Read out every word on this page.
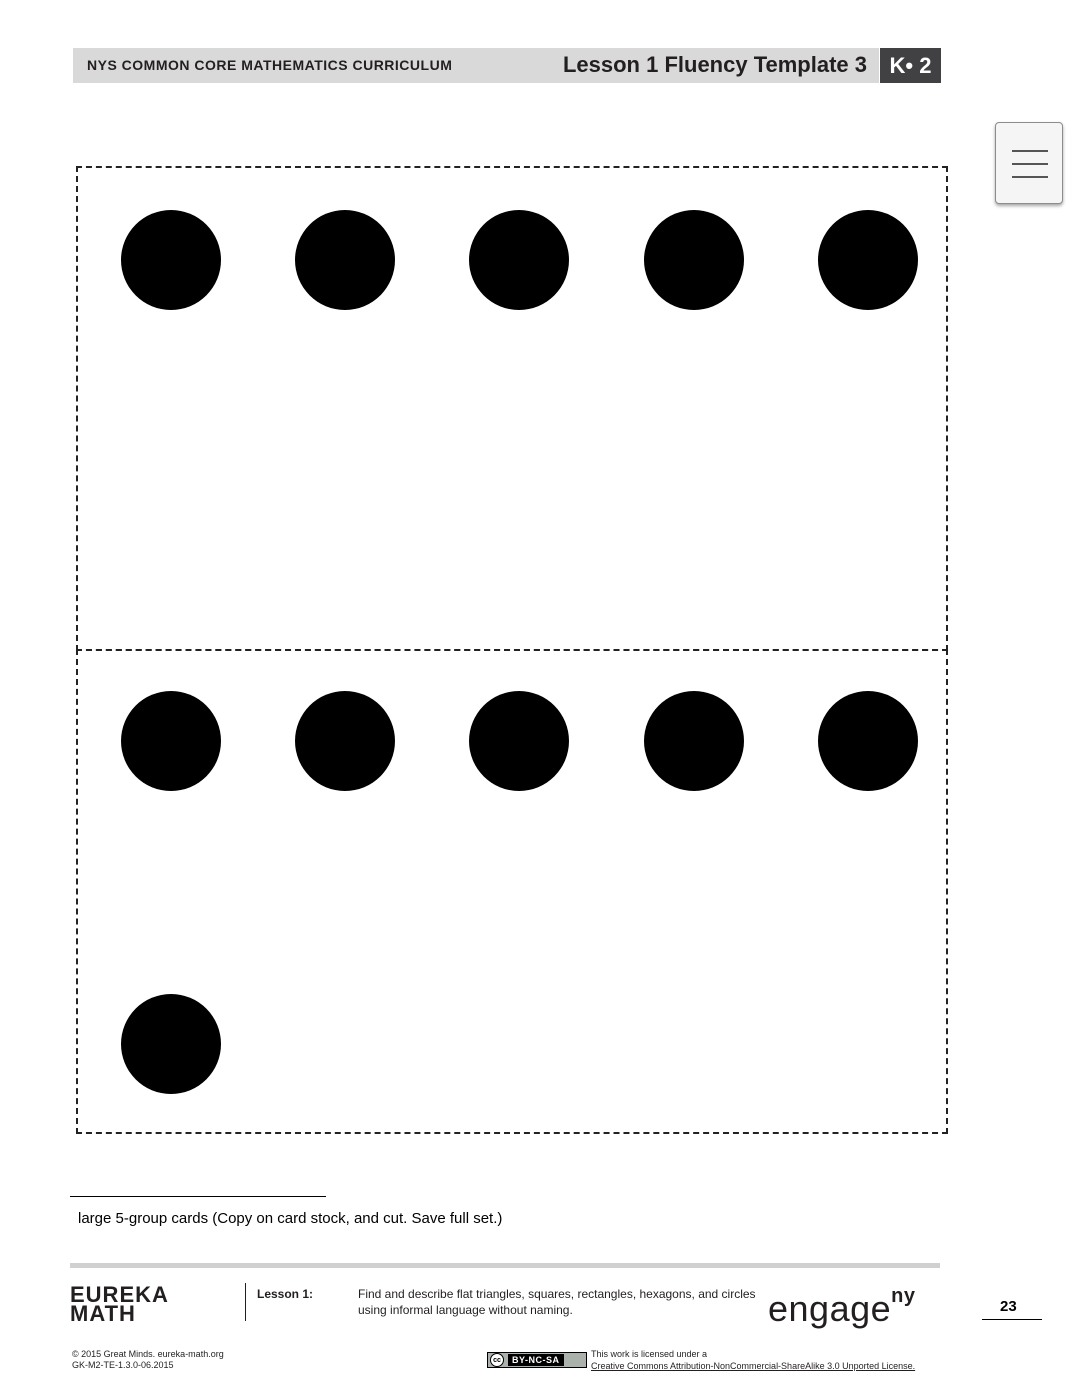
NYS COMMON CORE MATHEMATICS CURRICULUM	Lesson 1 Fluency Template 3	K• 2
large 5-group cards (Copy on card stock, and cut. Save full set.)
EUREKA
MATH
Lesson 1:	Find and describe flat triangles, squares, rectangles, hexagons, and circles using informal language without naming.	engage$^{ny}$	23
© 2015 Great Minds. eureka-math.org
GK-M2-TE-1.3.0-06.2015	cc	BY-NC-SA
This work is licensed under a
Creative Commons Attribution-NonCommercial-ShareAlike 3.0 Unported License.
